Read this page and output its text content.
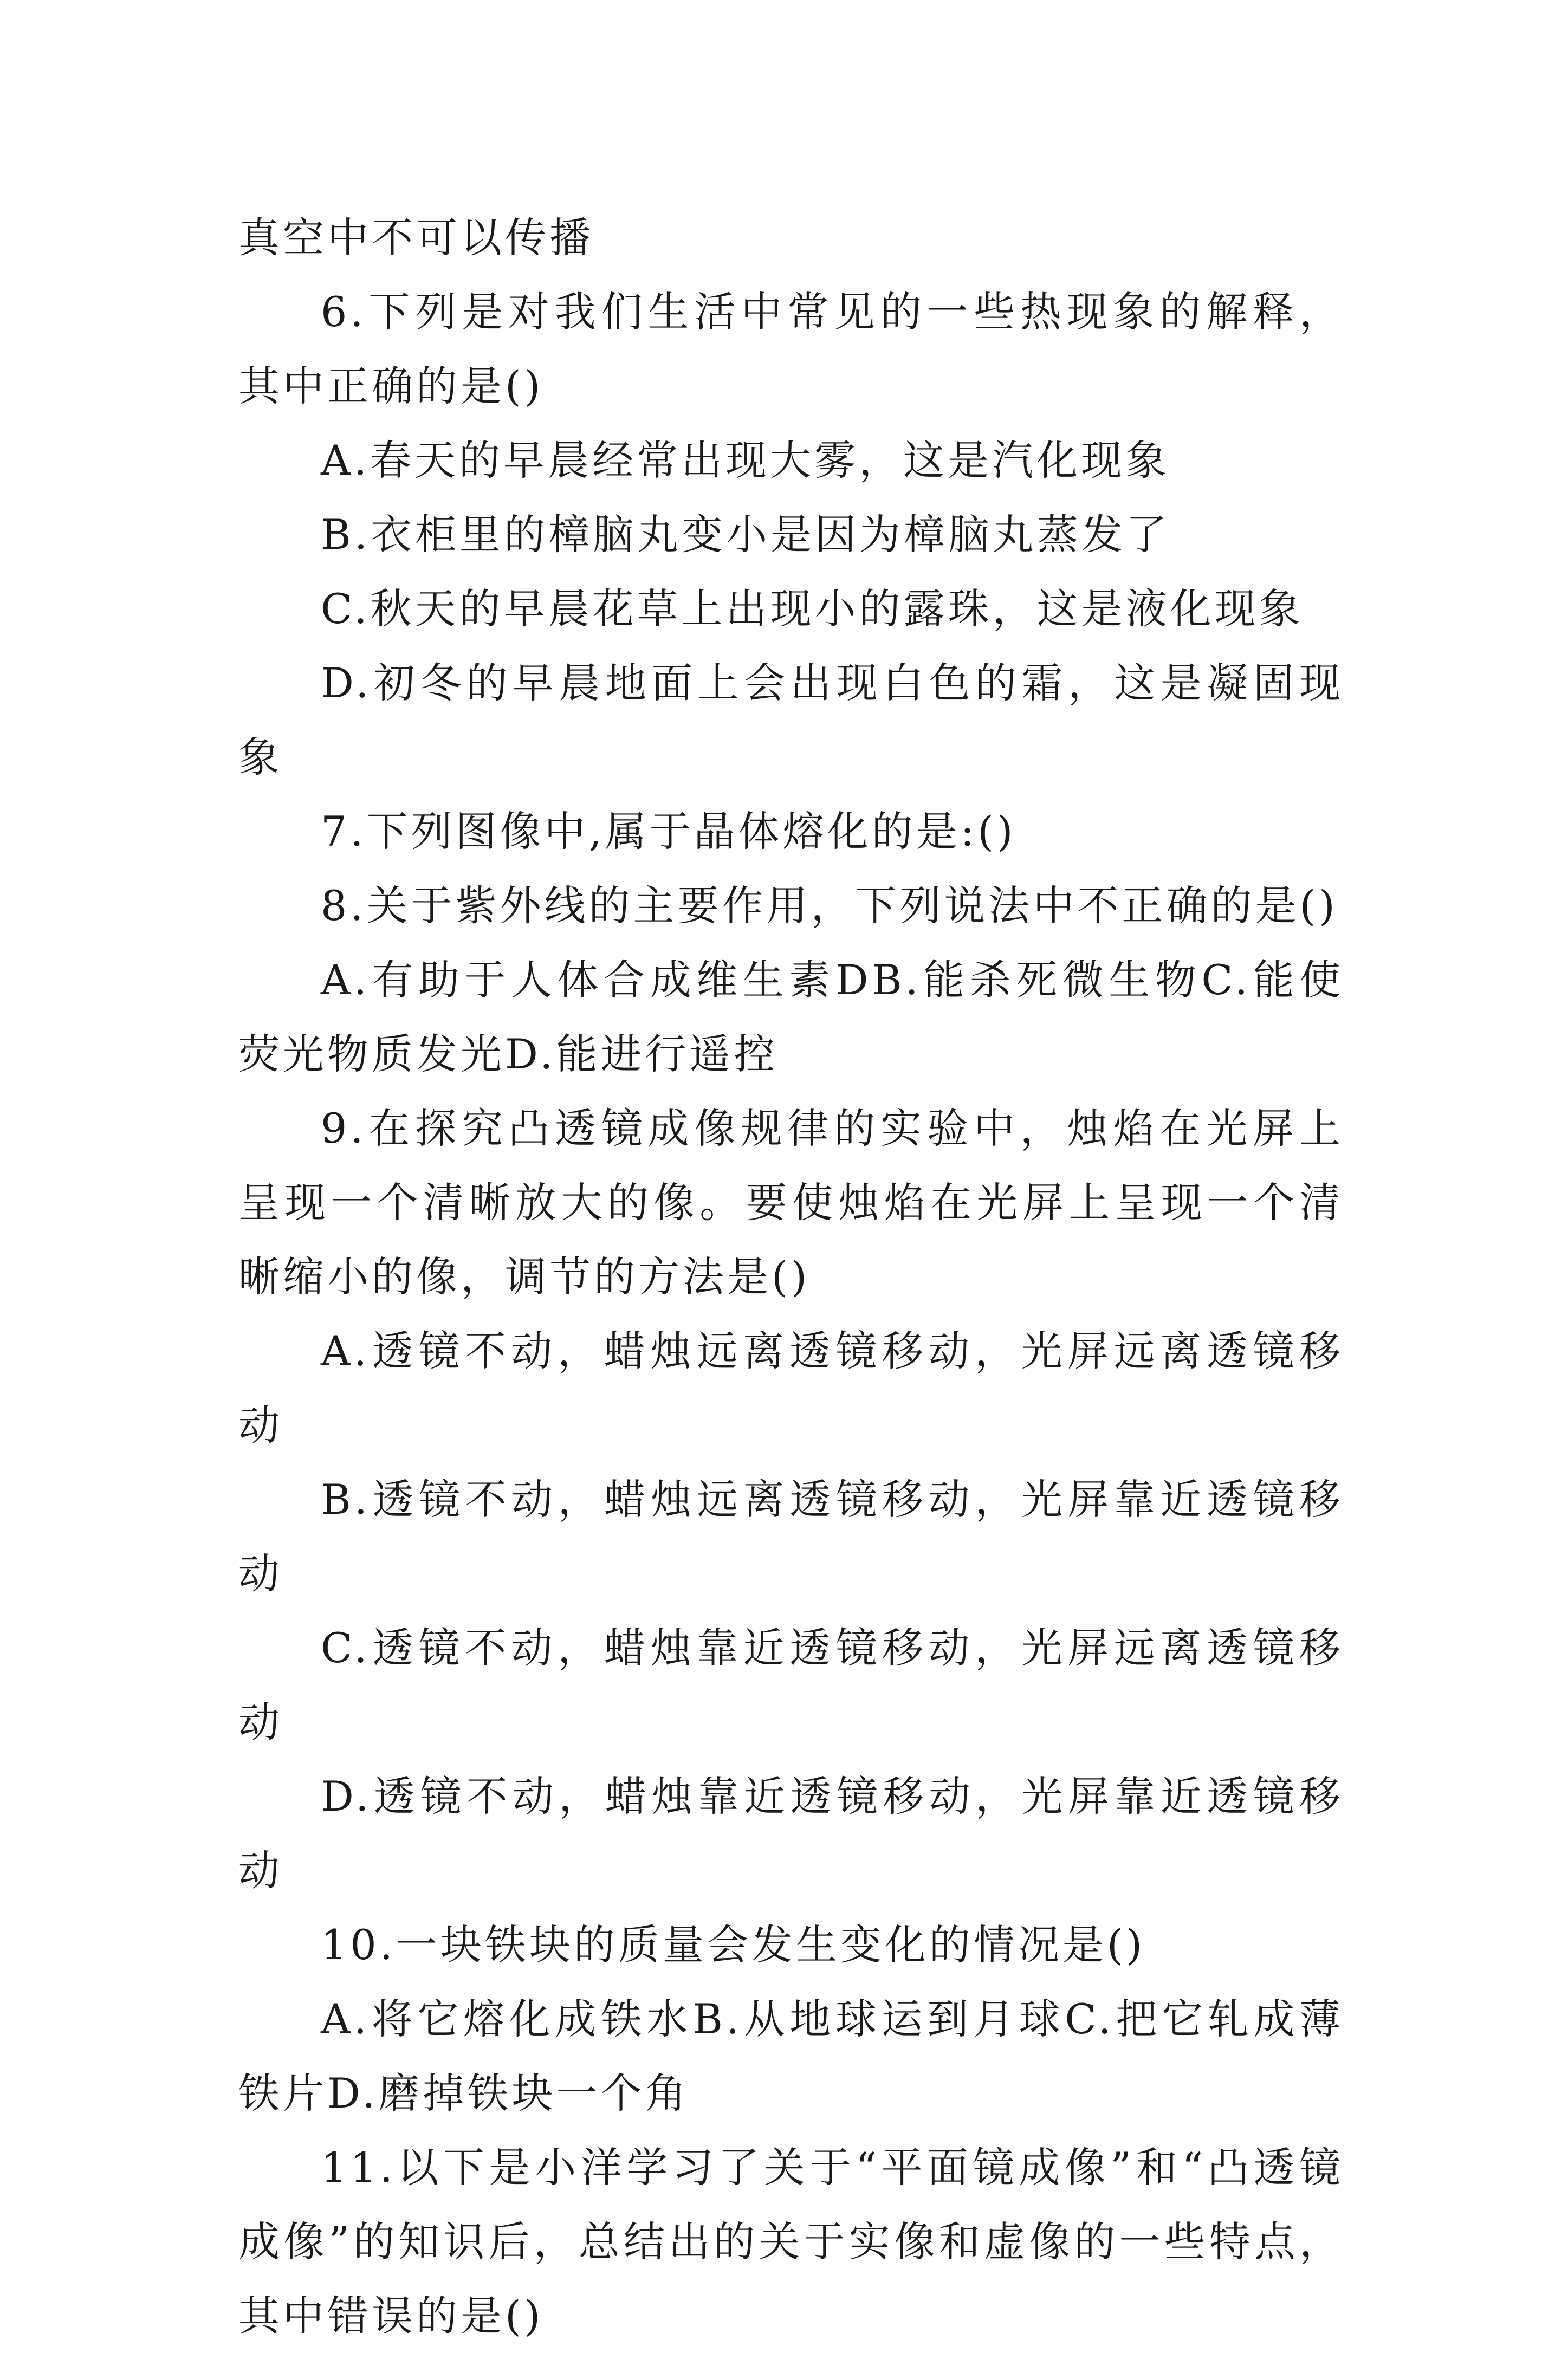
真空中不可以传播

6.下列是对我们生活中常见的一些热现象的解释，其中正确的是()

A.春天的早晨经常出现大雾，这是汽化现象

B.衣柜里的樟脑丸变小是因为樟脑丸蒸发了

C.秋天的早晨花草上出现小的露珠，这是液化现象

D.初冬的早晨地面上会出现白色的霜，这是凝固现象

7.下列图像中,属于晶体熔化的是:()

8.关于紫外线的主要作用，下列说法中不正确的是()

A.有助于人体合成维生素DB.能杀死微生物C.能使荧光物质发光D.能进行遥控

9.在探究凸透镜成像规律的实验中，烛焰在光屏上呈现一个清晰放大的像。要使烛焰在光屏上呈现一个清晰缩小的像，调节的方法是()

A.透镜不动，蜡烛远离透镜移动，光屏远离透镜移动

B.透镜不动，蜡烛远离透镜移动，光屏靠近透镜移动

C.透镜不动，蜡烛靠近透镜移动，光屏远离透镜移动

D.透镜不动，蜡烛靠近透镜移动，光屏靠近透镜移动

10.一块铁块的质量会发生变化的情况是()

A.将它熔化成铁水B.从地球运到月球C.把它轧成薄铁片D.磨掉铁块一个角

11.以下是小洋学习了关于“平面镜成像”和“凸透镜成像”的知识后，总结出的关于实像和虚像的一些特点，其中错误的是()
